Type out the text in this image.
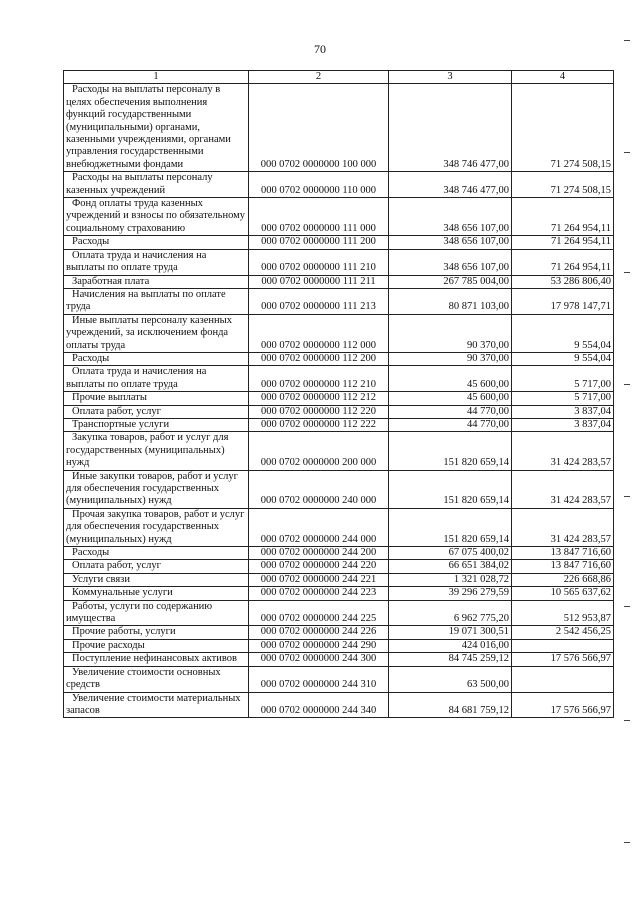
70
1	2	3	4
Расходы на выплаты персоналу в целях обеспечения выполнения функций государственными (муниципальными) органами, казенными учреждениями, органами управления государственными внебюджетными фондами	000 0702 0000000 100 000	348 746 477,00	71 274 508,15
Расходы на выплаты персоналу казенных учреждений	000 0702 0000000 110 000	348 746 477,00	71 274 508,15
Фонд оплаты труда казенных учреждений и взносы по обязательному социальному страхованию	000 0702 0000000 111 000	348 656 107,00	71 264 954,11
Расходы	000 0702 0000000 111 200	348 656 107,00	71 264 954,11
Оплата труда и начисления на выплаты по оплате труда	000 0702 0000000 111 210	348 656 107,00	71 264 954,11
Заработная плата	000 0702 0000000 111 211	267 785 004,00	53 286 806,40
Начисления на выплаты по оплате труда	000 0702 0000000 111 213	80 871 103,00	17 978 147,71
Иные выплаты персоналу казенных учреждений, за исключением фонда оплаты труда	000 0702 0000000 112 000	90 370,00	9 554,04
Расходы	000 0702 0000000 112 200	90 370,00	9 554,04
Оплата труда и начисления на выплаты по оплате труда	000 0702 0000000 112 210	45 600,00	5 717,00
Прочие выплаты	000 0702 0000000 112 212	45 600,00	5 717,00
Оплата работ, услуг	000 0702 0000000 112 220	44 770,00	3 837,04
Транспортные услуги	000 0702 0000000 112 222	44 770,00	3 837,04
Закупка товаров, работ и услуг для государственных (муниципальных) нужд	000 0702 0000000 200 000	151 820 659,14	31 424 283,57
Иные закупки товаров, работ и услуг для обеспечения государственных (муниципальных) нужд	000 0702 0000000 240 000	151 820 659,14	31 424 283,57
Прочая закупка товаров, работ и услуг для обеспечения государственных (муниципальных) нужд	000 0702 0000000 244 000	151 820 659,14	31 424 283,57
Расходы	000 0702 0000000 244 200	67 075 400,02	13 847 716,60
Оплата работ, услуг	000 0702 0000000 244 220	66 651 384,02	13 847 716,60
Услуги связи	000 0702 0000000 244 221	1 321 028,72	226 668,86
Коммунальные услуги	000 0702 0000000 244 223	39 296 279,59	10 565 637,62
Работы, услуги по содержанию имущества	000 0702 0000000 244 225	6 962 775,20	512 953,87
Прочие работы, услуги	000 0702 0000000 244 226	19 071 300,51	2 542 456,25
Прочие расходы	000 0702 0000000 244 290	424 016,00	
Поступление нефинансовых активов	000 0702 0000000 244 300	84 745 259,12	17 576 566,97
Увеличение стоимости основных средств	000 0702 0000000 244 310	63 500,00	
Увеличение стоимости материальных запасов	000 0702 0000000 244 340	84 681 759,12	17 576 566,97
